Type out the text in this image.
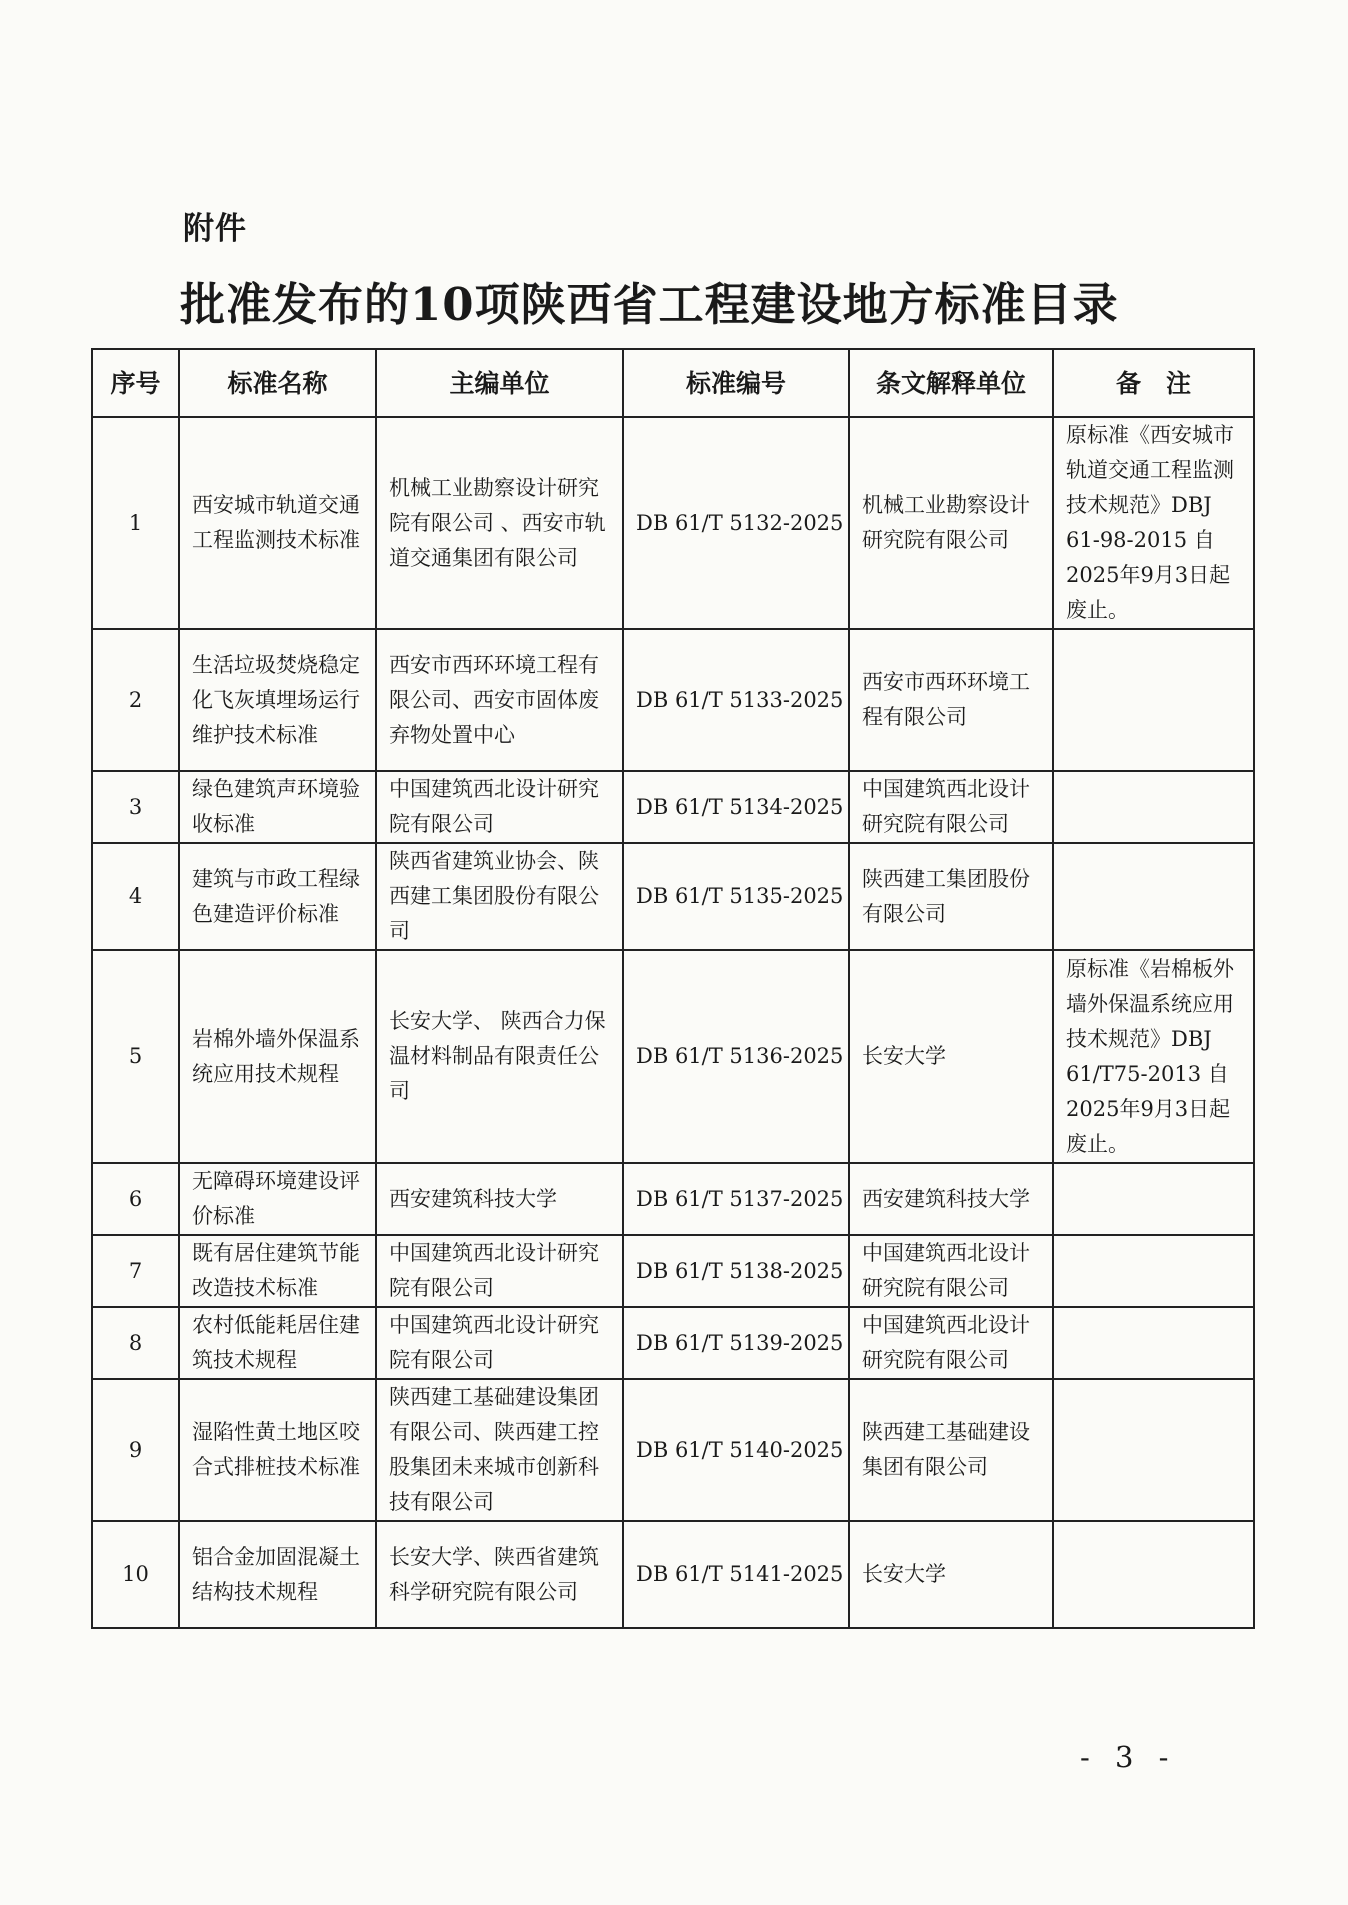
附件
批准发布的10项陕西省工程建设地方标准目录
序号	标准名称	主编单位	标准编号	条文解释单位	备　注
1	西安城市轨道交通工程监测技术标准	机械工业勘察设计研究院有限公司 、西安市轨道交通集团有限公司	DB 61/T 5132-2025	机械工业勘察设计研究院有限公司	原标准《西安城市轨道交通工程监测技术规范》DBJ 61-98-2015 自2025年9月3日起废止。
2	生活垃圾焚烧稳定化飞灰填埋场运行维护技术标准	西安市西环环境工程有限公司、西安市固体废弃物处置中心	DB 61/T 5133-2025	西安市西环环境工程有限公司	
3	绿色建筑声环境验收标准	中国建筑西北设计研究院有限公司	DB 61/T 5134-2025	中国建筑西北设计研究院有限公司	
4	建筑与市政工程绿色建造评价标准	陕西省建筑业协会、陕西建工集团股份有限公司	DB 61/T 5135-2025	陕西建工集团股份有限公司	
5	岩棉外墙外保温系统应用技术规程	长安大学、 陕西合力保温材料制品有限责任公司	DB 61/T 5136-2025	长安大学	原标准《岩棉板外墙外保温系统应用技术规范》DBJ 61/T75-2013 自2025年9月3日起废止。
6	无障碍环境建设评价标准	西安建筑科技大学	DB 61/T 5137-2025	西安建筑科技大学	
7	既有居住建筑节能改造技术标准	中国建筑西北设计研究院有限公司	DB 61/T 5138-2025	中国建筑西北设计研究院有限公司	
8	农村低能耗居住建筑技术规程	中国建筑西北设计研究院有限公司	DB 61/T 5139-2025	中国建筑西北设计研究院有限公司	
9	湿陷性黄土地区咬合式排桩技术标准	陕西建工基础建设集团有限公司、陕西建工控股集团未来城市创新科技有限公司	DB 61/T 5140-2025	陕西建工基础建设集团有限公司	
10	铝合金加固混凝土结构技术规程	长安大学、陕西省建筑科学研究院有限公司	DB 61/T 5141-2025	长安大学	
- 3 -
